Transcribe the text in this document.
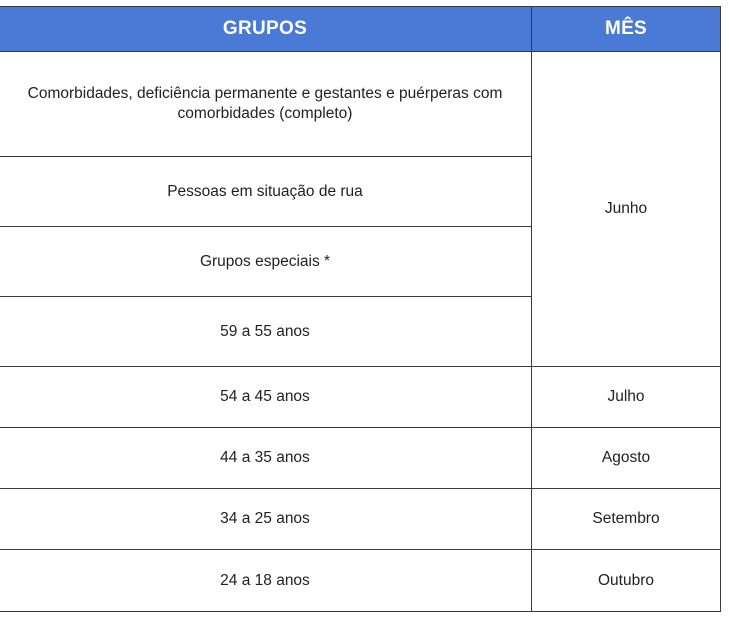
GRUPOS	MÊS
Comorbidades, deficiência permanente e gestantes e puérperas com comorbidades (completo)	Junho
Pessoas em situação de rua	
Grupos especiais *	
59 a 55 anos	
54 a 45 anos	Julho
44 a 35 anos	Agosto
34 a 25 anos	Setembro
24 a 18 anos	Outubro
